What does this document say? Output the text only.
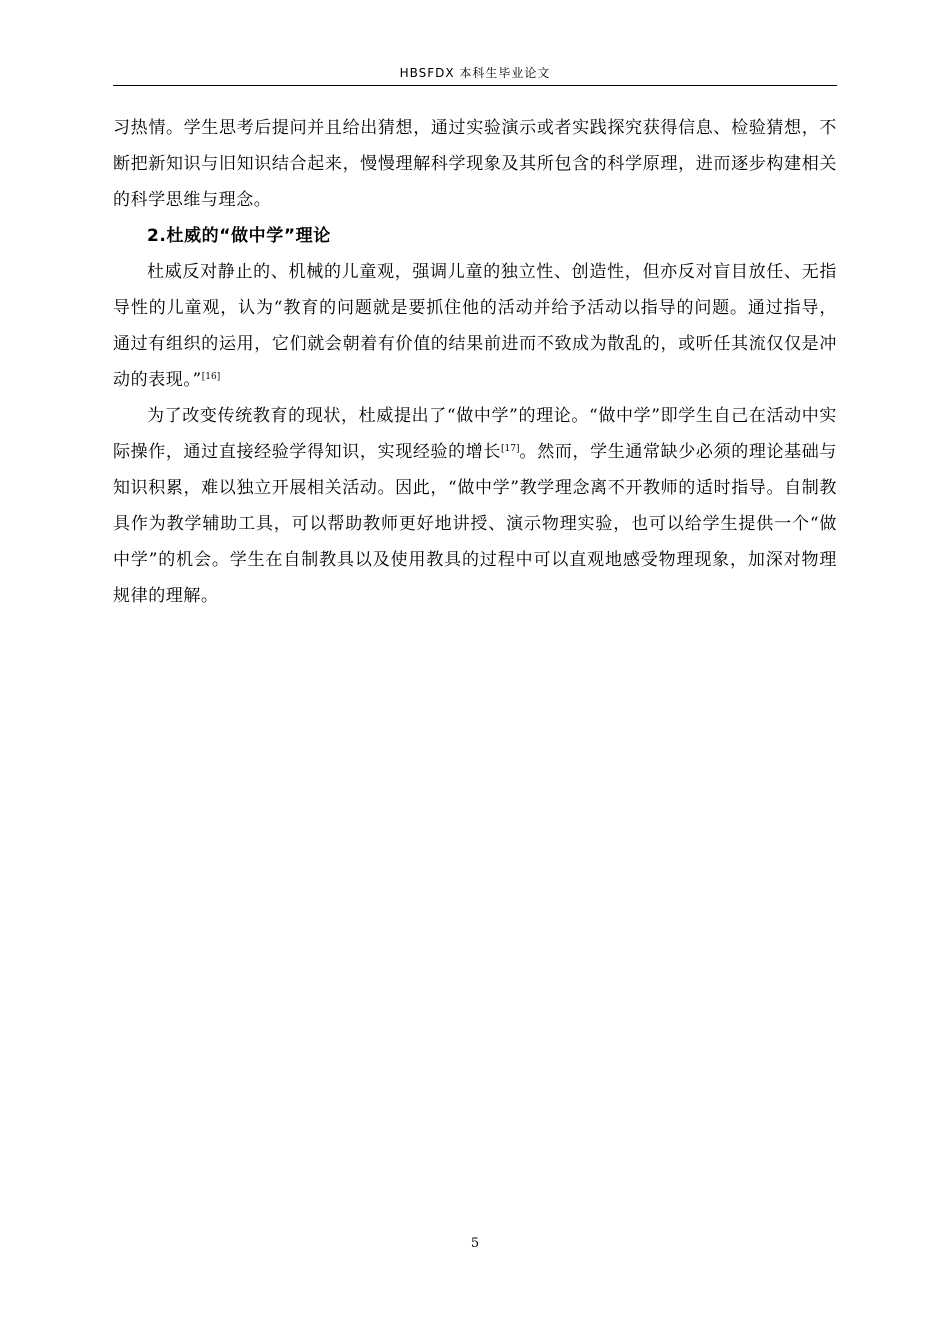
HBSFDX 本科生毕业论文

习热情。学生思考后提问并且给出猜想，通过实验演示或者实践探究获得信息、检验猜想，不断把新知识与旧知识结合起来，慢慢理解科学现象及其所包含的科学原理，进而逐步构建相关的科学思维与理念。

2.杜威的“做中学”理论

杜威反对静止的、机械的儿童观，强调儿童的独立性、创造性，但亦反对盲目放任、无指导性的儿童观，认为“教育的问题就是要抓住他的活动并给予活动以指导的问题。通过指导，通过有组织的运用，它们就会朝着有价值的结果前进而不致成为散乱的，或听任其流仅仅是冲动的表现。”[16]

为了改变传统教育的现状，杜威提出了“做中学”的理论。“做中学”即学生自己在活动中实际操作，通过直接经验学得知识，实现经验的增长[17]。然而，学生通常缺少必须的理论基础与知识积累，难以独立开展相关活动。因此，“做中学”教学理念离不开教师的适时指导。自制教具作为教学辅助工具，可以帮助教师更好地讲授、演示物理实验，也可以给学生提供一个“做中学”的机会。学生在自制教具以及使用教具的过程中可以直观地感受物理现象，加深对物理规律的理解。

5
